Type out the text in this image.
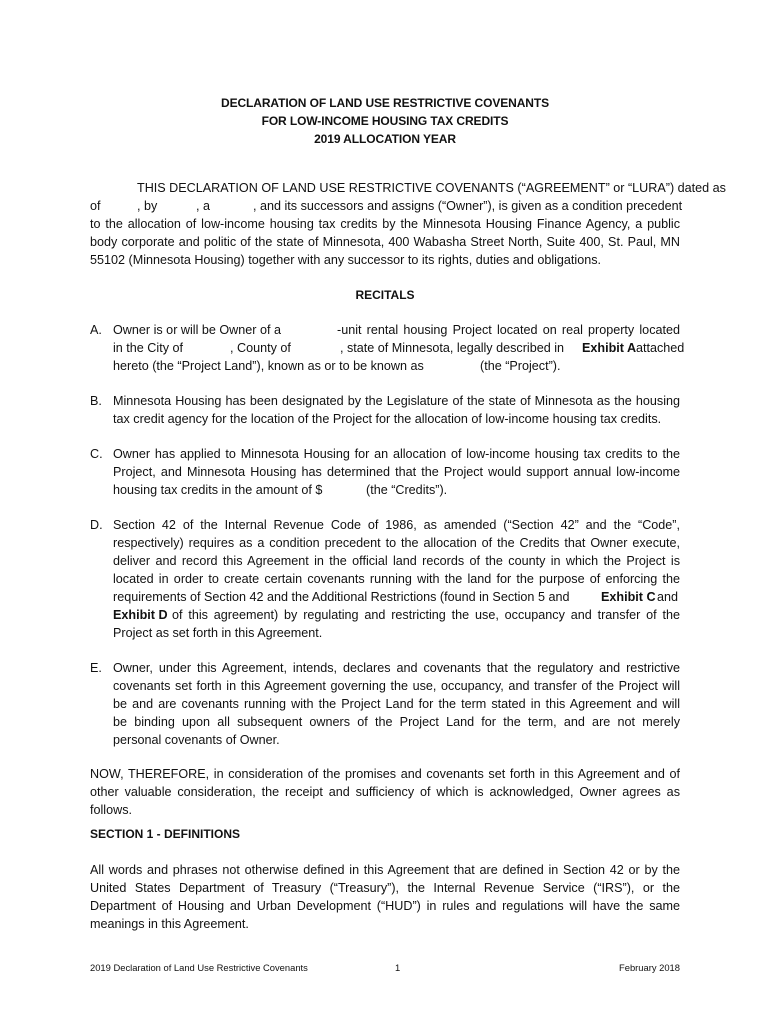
DECLARATION OF LAND USE RESTRICTIVE COVENANTS
FOR LOW-INCOME HOUSING TAX CREDITS
2019 ALLOCATION YEAR
THIS DECLARATION OF LAND USE RESTRICTIVE COVENANTS (“AGREEMENT” or “LURA”) dated as
of	, by	, a	, and its successors and assigns (“Owner”), is given as a condition precedent
to the allocation of low-income housing tax credits by the Minnesota Housing Finance Agency, a public
body corporate and politic of the state of Minnesota, 400 Wabasha Street North, Suite 400, St. Paul, MN
55102 (Minnesota Housing) together with any successor to its rights, duties and obligations.
RECITALS
A. Owner is or will be Owner of a	-unit rental housing Project located on real property located
in the City of	, County of	, state of Minnesota, legally described in Exhibit A attached
hereto (the “Project Land”), known as or to be known as	(the “Project”).
B. Minnesota Housing has been designated by the Legislature of the state of Minnesota as the housing
tax credit agency for the location of the Project for the allocation of low-income housing tax credits.
C. Owner has applied to Minnesota Housing for an allocation of low-income housing tax credits to the
Project, and Minnesota Housing has determined that the Project would support annual low-income
housing tax credits in the amount of $	(the “Credits”).
D. Section 42 of the Internal Revenue Code of 1986, as amended (“Section 42” and the “Code”,
respectively) requires as a condition precedent to the allocation of the Credits that Owner execute,
deliver and record this Agreement in the official land records of the county in which the Project is
located in order to create certain covenants running with the land for the purpose of enforcing the
requirements of Section 42 and the Additional Restrictions (found in Section 5 and	Exhibit C and
Exhibit D of this agreement) by regulating and restricting the use, occupancy and transfer of the
Project as set forth in this Agreement.
E. Owner, under this Agreement, intends, declares and covenants that the regulatory and restrictive
covenants set forth in this Agreement governing the use, occupancy, and transfer of the Project will
be and are covenants running with the Project Land for the term stated in this Agreement and will
be binding upon all subsequent owners of the Project Land for the term, and are not merely
personal covenants of Owner.
NOW, THEREFORE, in consideration of the promises and covenants set forth in this Agreement and of
other valuable consideration, the receipt and sufficiency of which is acknowledged, Owner agrees as
follows.
SECTION 1 - DEFINITIONS
All words and phrases not otherwise defined in this Agreement that are defined in Section 42 or by the
United States Department of Treasury (“Treasury”), the Internal Revenue Service (“IRS”), or the
Department of Housing and Urban Development (“HUD”) in rules and regulations will have the same
meanings in this Agreement.
2019 Declaration of Land Use Restrictive Covenants	1	February 2018
